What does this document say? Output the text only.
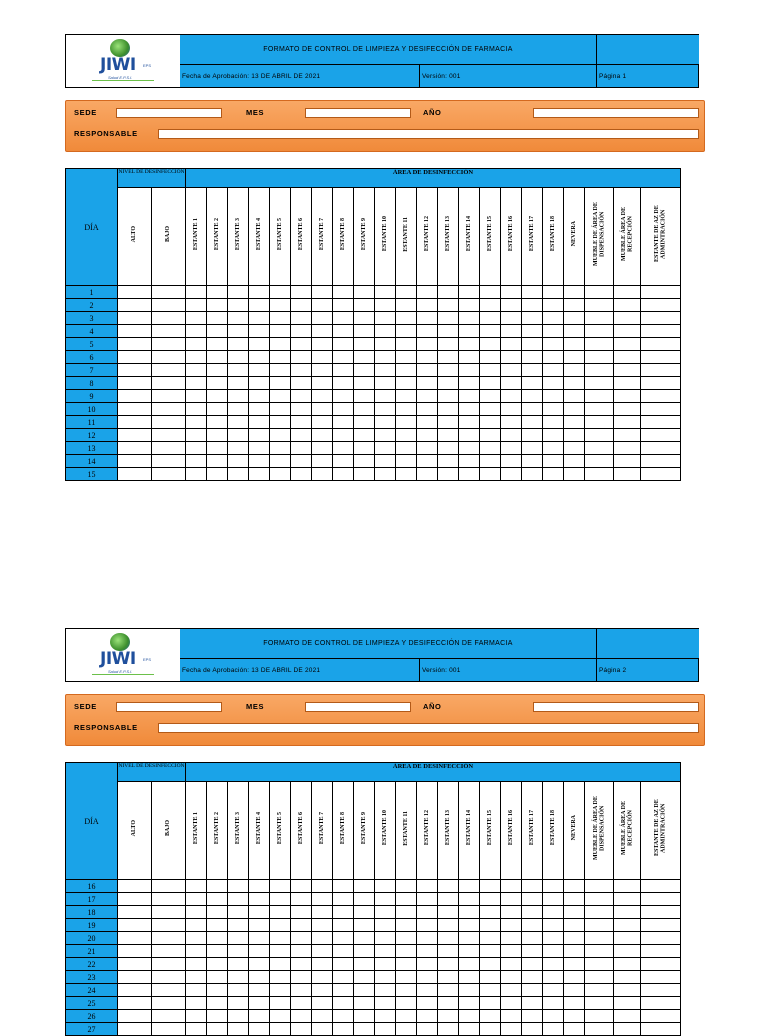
JIWI EPS
Salud E.P.S.I.
FORMATO DE CONTROL DE LIMPIEZA Y DESIFECCIÓN DE FARMACIA
Fecha de Aprobación: 13 DE ABRIL DE 2021	Versión: 001	Página 1
SEDE	MES	AÑO
RESPONSABLE
DÍA	NIVEL DE DESINFECCIÓN		ÁREA DE DESINFECCIÓN																					
	ALTO	BAJO	ESTANTE 1	ESTANTE 2	ESTANTE 3	ESTANTE 4	ESTANTE 5	ESTANTE 6	ESTANTE 7	ESTANTE 8	ESTANTE 9	ESTANTE 10	ESTANTE 11	ESTANTE 12	ESTANTE 13	ESTANTE 14	ESTANTE 15	ESTANTE 16	ESTANTE 17	ESTANTE 18	NEVERA	MUEBLE DE ÁREA DE DISPENSACIÓN	MUEBLE ÁREA DE RECEPCIÓN	ESTANTE DE AZ DE ADMINTRACIÓN
1																								
2																								
3																								
4																								
5																								
6																								
7																								
8																								
9																								
10																								
11																								
12																								
13																								
14																								
15																								
JIWI EPS
Salud E.P.S.I.
FORMATO DE CONTROL DE LIMPIEZA Y DESIFECCIÓN DE FARMACIA
Fecha de Aprobación: 13 DE ABRIL DE 2021	Versión: 001	Página 2
SEDE	MES	AÑO
RESPONSABLE
DÍA	NIVEL DE DESINFECCIÓN		ÁREA DE DESINFECCIÓN																					
	ALTO	BAJO	ESTANTE 1	ESTANTE 2	ESTANTE 3	ESTANTE 4	ESTANTE 5	ESTANTE 6	ESTANTE 7	ESTANTE 8	ESTANTE 9	ESTANTE 10	ESTANTE 11	ESTANTE 12	ESTANTE 13	ESTANTE 14	ESTANTE 15	ESTANTE 16	ESTANTE 17	ESTANTE 18	NEVERA	MUEBLE DE ÁREA DE DISPENSACIÓN	MUEBLE ÁREA DE RECEPCIÓN	ESTANTE DE AZ DE ADMINTRACIÓN
16																								
17																								
18																								
19																								
20																								
21																								
22																								
23																								
24																								
25																								
26																								
27																								
